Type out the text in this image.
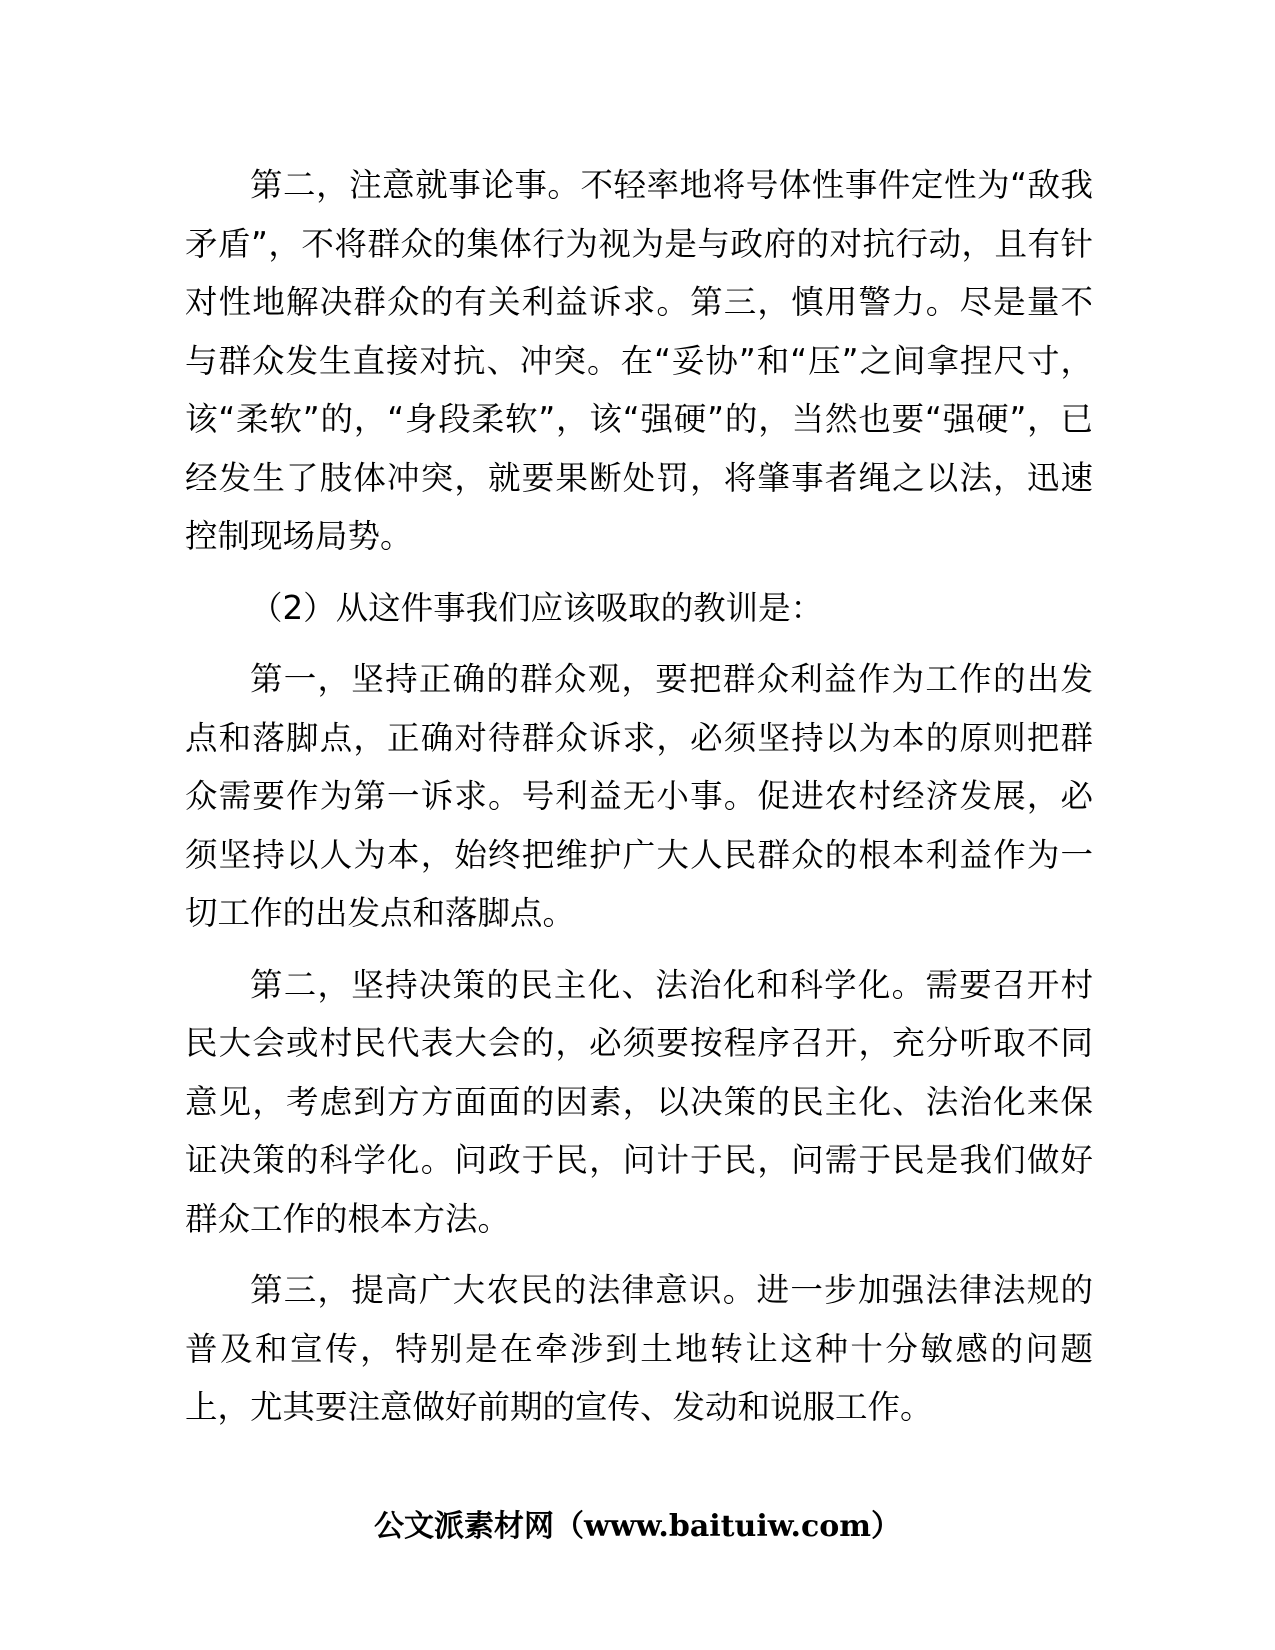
第二，注意就事论事。不轻率地将号体性事件定性为“敌我矛盾”，不将群众的集体行为视为是与政府的对抗行动，且有针对性地解决群众的有关利益诉求。第三，慎用警力。尽是量不与群众发生直接对抗、冲突。在“妥协”和“压”之间拿捏尺寸，该“柔软”的，“身段柔软”，该“强硬”的，当然也要“强硬”，已经发生了肢体冲突，就要果断处罚，将肇事者绳之以法，迅速控制现场局势。

（2）从这件事我们应该吸取的教训是：

第一，坚持正确的群众观，要把群众利益作为工作的出发点和落脚点，正确对待群众诉求，必须坚持以为本的原则把群众需要作为第一诉求。号利益无小事。促进农村经济发展，必须坚持以人为本，始终把维护广大人民群众的根本利益作为一切工作的出发点和落脚点。

第二，坚持决策的民主化、法治化和科学化。需要召开村民大会或村民代表大会的，必须要按程序召开，充分听取不同意见，考虑到方方面面的因素，以决策的民主化、法治化来保证决策的科学化。问政于民，问计于民，问需于民是我们做好群众工作的根本方法。

第三，提高广大农民的法律意识。进一步加强法律法规的普及和宣传，特别是在牵涉到土地转让这种十分敏感的问题上，尤其要注意做好前期的宣传、发动和说服工作。

公文派素材网（www.baituiw.com）
